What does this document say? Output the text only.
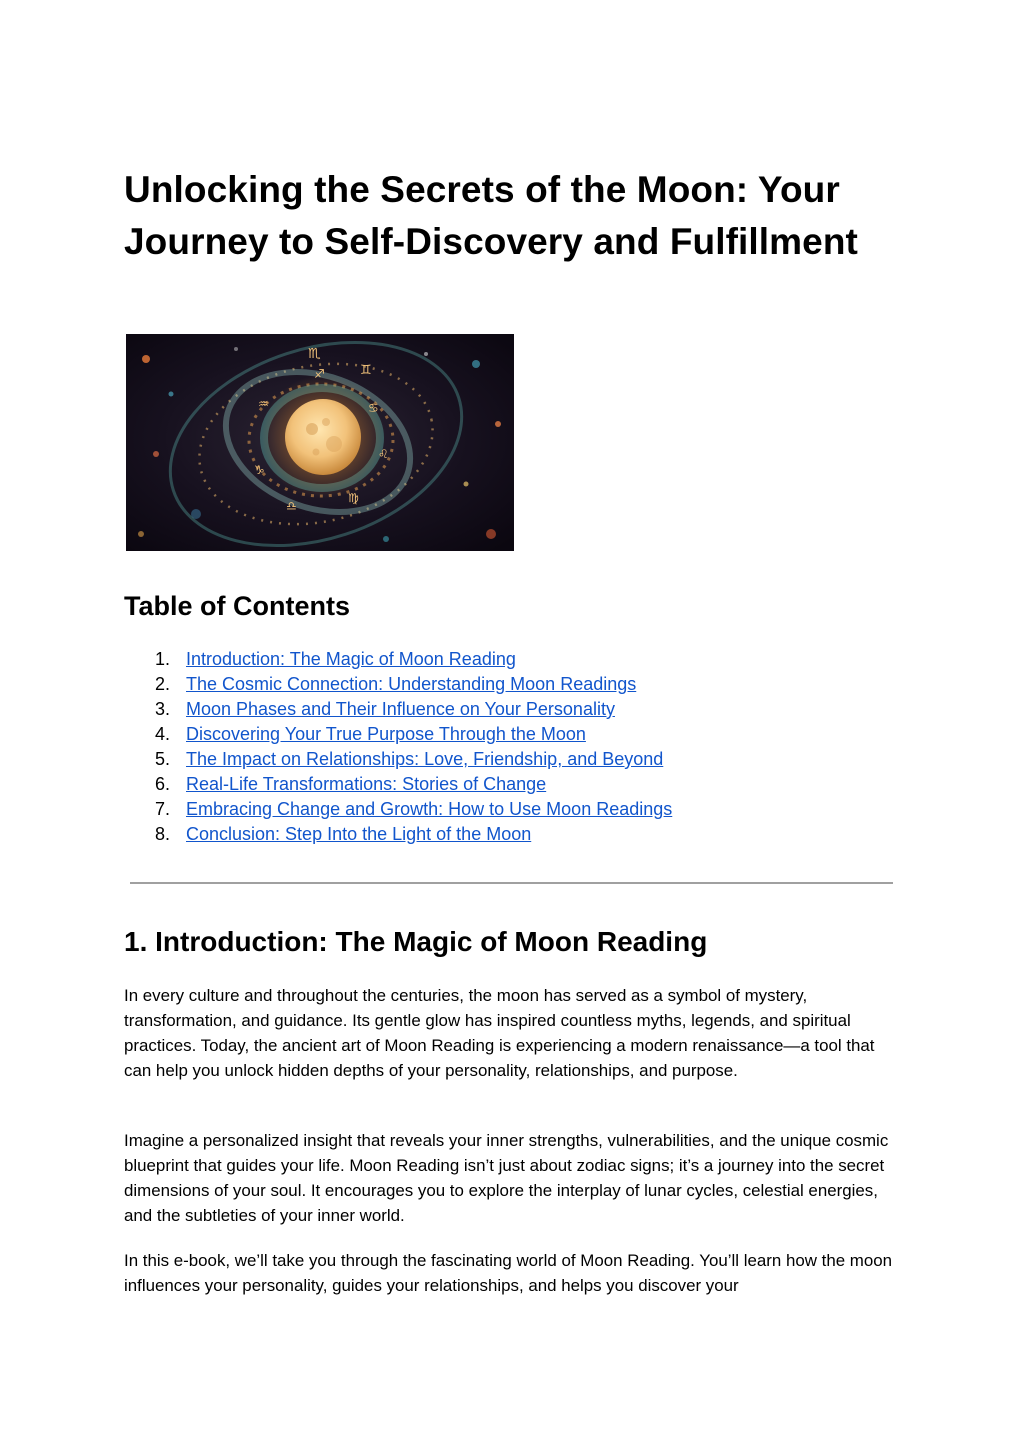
Unlocking the Secrets of the Moon: Your Journey to Self‑Discovery and Fulfillment
♏
♐	♊
♋
♌
♍
♎
♑
♒
Table of Contents
1. Introduction: The Magic of Moon Reading
2. The Cosmic Connection: Understanding Moon Readings
3. Moon Phases and Their Influence on Your Personality
4. Discovering Your True Purpose Through the Moon
5. The Impact on Relationships: Love, Friendship, and Beyond
6. Real‑Life Transformations: Stories of Change
7. Embracing Change and Growth: How to Use Moon Readings
8. Conclusion: Step Into the Light of the Moon
1. Introduction: The Magic of Moon Reading

In every culture and throughout the centuries, the moon has served as a symbol of mystery, transformation, and guidance. Its gentle glow has inspired countless myths, legends, and spiritual practices. Today, the ancient art of Moon Reading is experiencing a modern renaissance—a tool that can help you unlock hidden depths of your personality, relationships, and purpose.

Imagine a personalized insight that reveals your inner strengths, vulnerabilities, and the unique cosmic blueprint that guides your life. Moon Reading isn’t just about zodiac signs; it’s a journey into the secret dimensions of your soul. It encourages you to explore the interplay of lunar cycles, celestial energies, and the subtleties of your inner world.

In this e‑book, we’ll take you through the fascinating world of Moon Reading. You’ll learn how the moon influences your personality, guides your relationships, and helps you discover your
